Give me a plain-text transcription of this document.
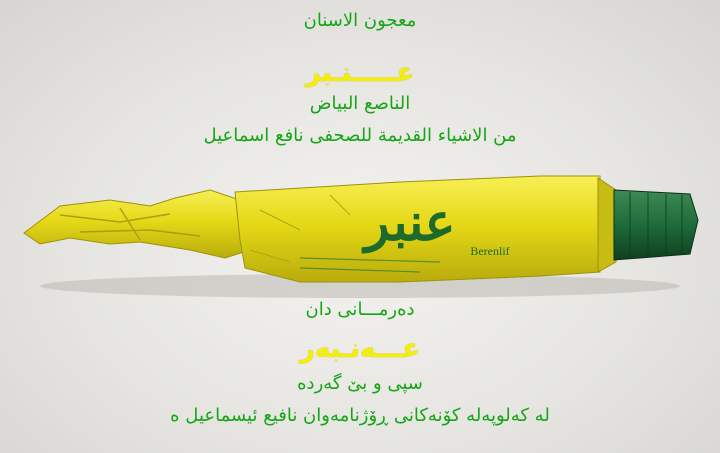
معجون الاسنان
عـــــنـبر
الناصع البياض
من الاشياء القديمة للصحفى نافع اسماعيل
عنبر Berenlif
دەرمـــانی دان
عـــەنـبەر
سپی و بێ گەردە
لە کەلوپەلە کۆنەکانی ڕۆژنامەوان نافیع ئیسماعیل ە
